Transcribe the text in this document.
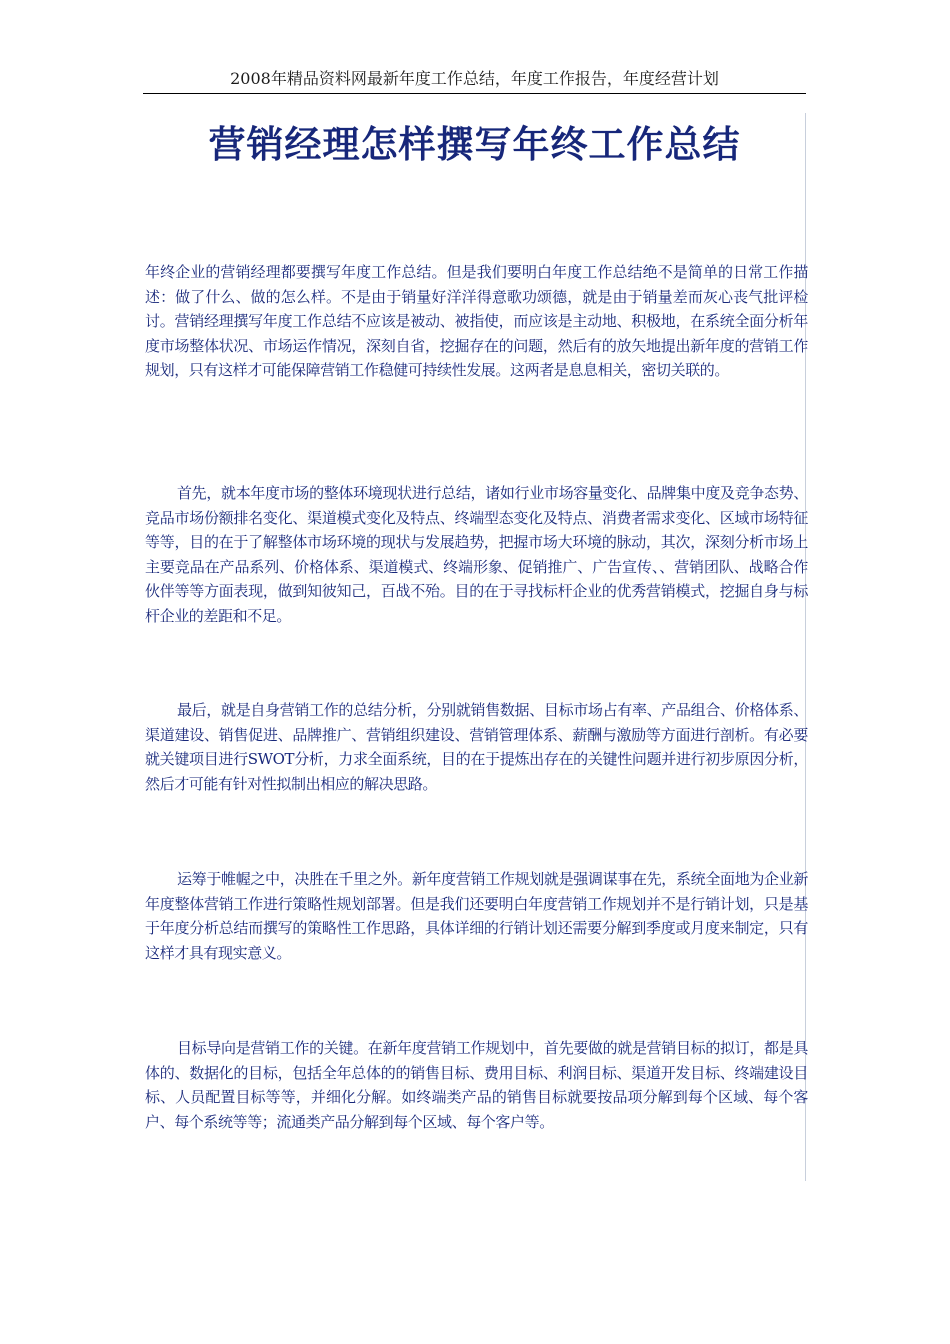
2008年精品资料网最新年度工作总结，年度工作报告，年度经营计划
营销经理怎样撰写年终工作总结

年终企业的营销经理都要撰写年度工作总结。但是我们要明白年度工作总结绝不是简单的日常工作描述：做了什么、做的怎么样。不是由于销量好洋洋得意歌功颂德，就是由于销量差而灰心丧气批评检讨。营销经理撰写年度工作总结不应该是被动、被指使，而应该是主动地、积极地，在系统全面分析年度市场整体状况、市场运作情况，深刻自省，挖掘存在的问题，然后有的放矢地提出新年度的营销工作规划，只有这样才可能保障营销工作稳健可持续性发展。这两者是息息相关，密切关联的。

首先，就本年度市场的整体环境现状进行总结，诸如行业市场容量变化、品牌集中度及竞争态势、竞品市场份额排名变化、渠道模式变化及特点、终端型态变化及特点、消费者需求变化、区域市场特征等等，目的在于了解整体市场环境的现状与发展趋势，把握市场大环境的脉动，其次，深刻分析市场上主要竞品在产品系列、价格体系、渠道模式、终端形象、促销推广、广告宣传、、营销团队、战略合作伙伴等等方面表现，做到知彼知己，百战不殆。目的在于寻找标杆企业的优秀营销模式，挖掘自身与标杆企业的差距和不足。

最后，就是自身营销工作的总结分析，分别就销售数据、目标市场占有率、产品组合、价格体系、渠道建设、销售促进、品牌推广、营销组织建设、营销管理体系、薪酬与激励等方面进行剖析。有必要就关键项目进行SWOT分析，力求全面系统，目的在于提炼出存在的关键性问题并进行初步原因分析，然后才可能有针对性拟制出相应的解决思路。

运筹于帷幄之中，决胜在千里之外。新年度营销工作规划就是强调谋事在先，系统全面地为企业新年度整体营销工作进行策略性规划部署。但是我们还要明白年度营销工作规划并不是行销计划，只是基于年度分析总结而撰写的策略性工作思路，具体详细的行销计划还需要分解到季度或月度来制定，只有这样才具有现实意义。

目标导向是营销工作的关键。在新年度营销工作规划中，首先要做的就是营销目标的拟订，都是具体的、数据化的目标，包括全年总体的的销售目标、费用目标、利润目标、渠道开发目标、终端建设目标、人员配置目标等等，并细化分解。如终端类产品的销售目标就要按品项分解到每个区域、每个客户、每个系统等等；流通类产品分解到每个区域、每个客户等。
